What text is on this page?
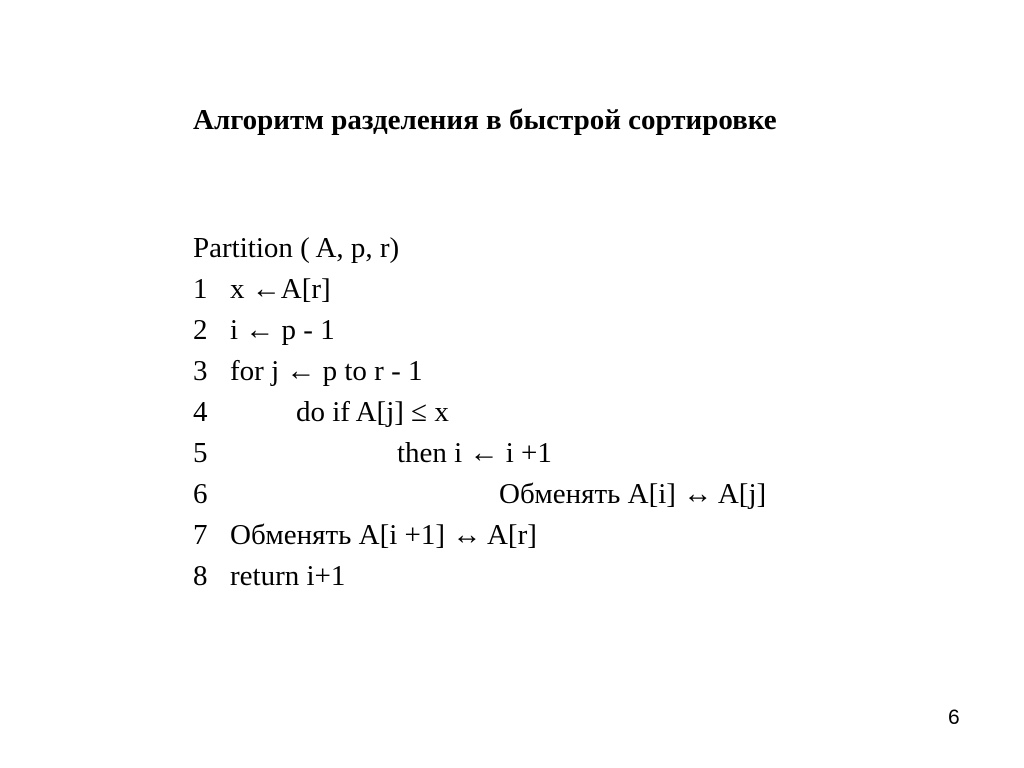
Алгоритм разделения в быстрой сортировке
Partition ( A, p, r)
1 x ←A[r]
2 i ← p - 1
3 for j ← p to r - 1
4	do if A[j] ≤ x
5	then i ← i +1
6	Обменять A[i] ↔ A[j]
7 Обменять A[i +1] ↔ A[r]
8 return i+1
6
